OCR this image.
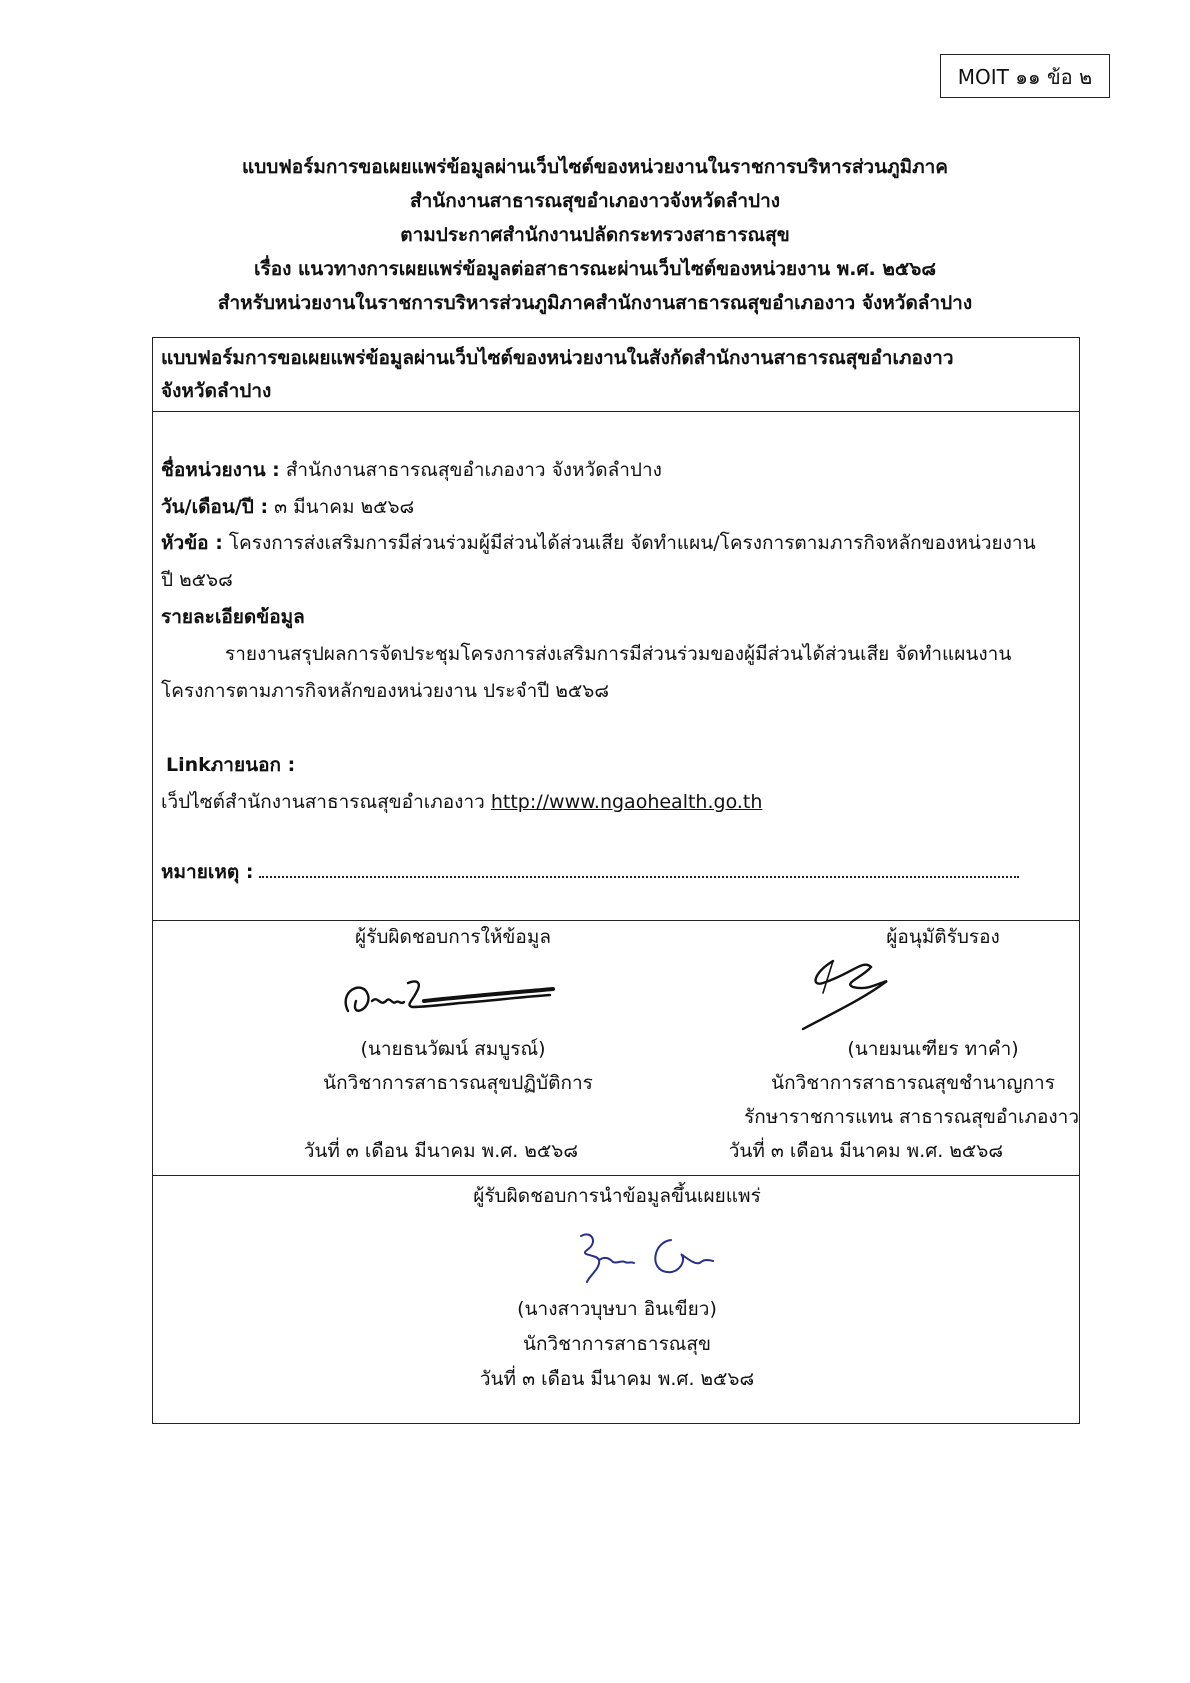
MOIT ๑๑ ข้อ ๒
แบบฟอร์มการขอเผยแพร่ข้อมูลผ่านเว็บไซต์ของหน่วยงานในราชการบริหารส่วนภูมิภาค
สำนักงานสาธารณสุขอำเภองาวจังหวัดลำปาง
ตามประกาศสำนักงานปลัดกระทรวงสาธารณสุข
เรื่อง แนวทางการเผยแพร่ข้อมูลต่อสาธารณะผ่านเว็บไซต์ของหน่วยงาน พ.ศ. ๒๕๖๘
สำหรับหน่วยงานในราชการบริหารส่วนภูมิภาคสำนักงานสาธารณสุขอำเภองาว จังหวัดลำปาง
แบบฟอร์มการขอเผยแพร่ข้อมูลผ่านเว็บไซต์ของหน่วยงานในสังกัดสำนักงานสาธารณสุขอำเภองาว
จังหวัดลำปาง
ชื่อหน่วยงาน : สำนักงานสาธารณสุขอำเภองาว จังหวัดลำปาง
วัน/เดือน/ปี : ๓ มีนาคม ๒๕๖๘
หัวข้อ : โครงการส่งเสริมการมีส่วนร่วมผู้มีส่วนได้ส่วนเสีย จัดทำแผน/โครงการตามภารกิจหลักของหน่วยงาน
ปี ๒๕๖๘
รายละเอียดข้อมูล
รายงานสรุปผลการจัดประชุมโครงการส่งเสริมการมีส่วนร่วมของผู้มีส่วนได้ส่วนเสีย จัดทำแผนงาน
โครงการตามภารกิจหลักของหน่วยงาน ประจำปี ๒๕๖๘
Linkภายนอก :
เว็ปไซต์สำนักงานสาธารณสุขอำเภองาว http://www.ngaohealth.go.th
หมายเหตุ :
ผู้รับผิดชอบการให้ข้อมูล	ผู้อนุมัติรับรอง
(นายธนวัฒน์ สมบูรณ์)	(นายมนเฑียร ทาคำ)
นักวิชาการสาธารณสุขปฏิบัติการ	นักวิชาการสาธารณสุขชำนาญการ
รักษาราชการแทน สาธารณสุขอำเภองาว
วันที่ ๓ เดือน มีนาคม พ.ศ. ๒๕๖๘	วันที่ ๓ เดือน มีนาคม พ.ศ. ๒๕๖๘
ผู้รับผิดชอบการนำข้อมูลขึ้นเผยแพร่
(นางสาวบุษบา อินเขียว)
นักวิชาการสาธารณสุข
วันที่ ๓ เดือน มีนาคม พ.ศ. ๒๕๖๘
